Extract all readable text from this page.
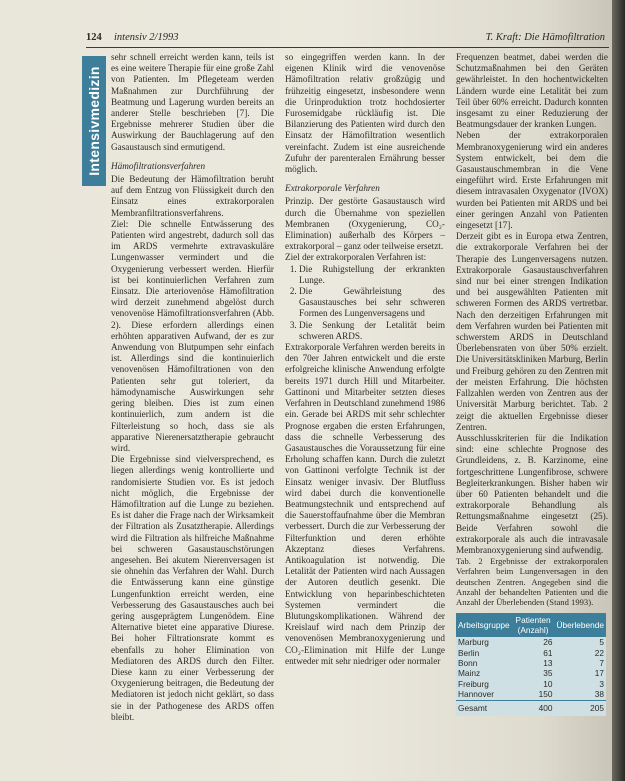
124 intensiv 2/1993	T. Kraft: Die Hämofiltration
Intensivmedizin

sehr schnell erreicht werden kann, teils ist es eine weitere Therapie für eine große Zahl von Patienten. Im Pflegeteam werden Maßnahmen zur Durchführung der Beatmung und Lagerung wurden bereits an anderer Stelle beschrieben [7]. Die Ergebnisse mehrerer Studien über die Auswirkung der Bauchlagerung auf den Gasaustausch sind ermutigend.

Hämofiltrationsverfahren

Die Bedeutung der Hämofiltration beruht auf dem Entzug von Flüssigkeit durch den Einsatz eines extrakorporalen Membranfiltrationsverfahrens.

Ziel: Die schnelle Entwässerung des Patienten wird angestrebt, dadurch soll das im ARDS vermehrte extravaskuläre Lungenwasser vermindert und die Oxygenierung verbessert werden. Hierfür ist bei kontinuierlichen Verfahren zum Einsatz. Die arteriovenöse Hämofiltration wird derzeit zunehmend abgelöst durch venovenöse Hämofiltrationsverfahren (Abb. 2). Diese erfordern allerdings einen erhöhten apparativen Aufwand, der es zur Anwendung von Blutpumpen sehr einfach ist. Allerdings sind die kontinuierlich venovenösen Hämofiltrationen von den Patienten sehr gut toleriert, da hämodynamische Auswirkungen sehr gering bleiben. Dies ist zum einen kontinuierlich, zum andern ist die Filterleistung so hoch, dass sie als apparative Nierenersatztherapie gebraucht wird.

Die Ergebnisse sind vielversprechend, es liegen allerdings wenig kontrollierte und randomisierte Studien vor. Es ist jedoch nicht möglich, die Ergebnisse der Hämofiltration auf die Lunge zu beziehen. Es ist daher die Frage nach der Wirksamkeit der Filtration als Zusatztherapie. Allerdings wird die Filtration als hilfreiche Maßnahme bei schweren Gasaustauschstörungen angesehen. Bei akutem Nierenversagen ist sie ohnehin das Verfahren der Wahl. Durch die Entwässerung kann eine günstige Lungenfunktion erreicht werden, eine Verbesserung des Gasaustausches auch bei gering ausgeprägtem Lungenödem. Eine Alternative bietet eine apparative Diurese. Bei hoher Filtrationsrate kommt es ebenfalls zu hoher Elimination von Mediatoren des ARDS durch den Filter. Diese kann zu einer Verbesserung der Oxygenierung beitragen, die Bedeutung der Mediatoren ist jedoch nicht geklärt, so dass sie in der Pathogenese des ARDS offen bleibt.

so eingegriffen werden kann. In der eigenen Klinik wird die venovenöse Hämofiltration relativ großzügig und frühzeitig eingesetzt, insbesondere wenn die Urinproduktion trotz hochdosierter Furosemidgabe rückläufig ist. Die Bilanzierung des Patienten wird durch den Einsatz der Hämofiltration wesentlich vereinfacht. Zudem ist eine ausreichende Zufuhr der parenteralen Ernährung besser möglich.

Extrakorporale Verfahren

Prinzip. Der gestörte Gasaustausch wird durch die Übernahme von speziellen Membranen (Oxygenierung, CO₂-Elimination) außerhalb des Körpers – extrakorporal – ganz oder teilweise ersetzt.

Ziel der extrakorporalen Verfahren ist:

1. Die Ruhigstellung der erkrankten Lunge.
2. Die Gewährleistung des Gasaustausches bei sehr schweren Formen des Lungenversagens und
3. Die Senkung der Letalität beim schweren ARDS.

Extrakorporale Verfahren werden bereits in den 70er Jahren entwickelt und die erste erfolgreiche klinische Anwendung erfolgte bereits 1971 durch Hill und Mitarbeiter. Gattinoni und Mitarbeiter setzten dieses Verfahren in Deutschland zunehmend 1986 ein. Gerade bei ARDS mit sehr schlechter Prognose ergaben die ersten Erfahrungen, dass die schnelle Verbesserung des Gasaustausches die Voraussetzung für eine Erholung schaffen kann. Durch die zuletzt von Gattinoni verfolgte Technik ist der Einsatz weniger invasiv. Der Blutfluss wird dabei durch die konventionelle Beatmungstechnik und entsprechend auf die Sauerstoffaufnahme über die Membran verbessert. Durch die zur Verbesserung der Filterfunktion und deren erhöhte Akzeptanz dieses Verfahrens. Antikoagulation ist notwendig. Die Letalität der Patienten wird nach Aussagen der Autoren deutlich gesenkt. Die Entwicklung von heparinbeschichteten Systemen vermindert die Blutungskomplikationen. Während der Kreislauf wird nach dem Prinzip der venovenösen Membranoxygenierung und CO₂-Elimination mit Hilfe der Lunge entweder mit sehr niedriger oder normaler

Frequenzen beatmet, dabei werden die Schutzmaßnahmen bei den Geräten gewährleistet. In den hochentwickelten Ländern wurde eine Letalität bei zum Teil über 60% erreicht. Dadurch konnten insgesamt zu einer Reduzierung der Beatmungsdauer der kranken Lungen.

Neben der extrakorporalen Membranoxygenierung wird ein anderes System entwickelt, bei dem die Gasaustauschmembran in die Vene eingeführt wird. Erste Erfahrungen mit diesem intravasalen Oxygenator (IVOX) wurden bei Patienten mit ARDS und bei einer geringen Anzahl von Patienten eingesetzt [17].

Derzeit gibt es in Europa etwa Zentren, die extrakorporale Verfahren bei der Therapie des Lungenversagens nutzen. Extrakorporale Gasaustauschverfahren sind nur bei einer strengen Indikation und bei ausgewählten Patienten mit schweren Formen des ARDS vertretbar. Nach den derzeitigen Erfahrungen mit dem Verfahren wurden bei Patienten mit schwerstem ARDS in Deutschland Überlebensraten von über 50% erzielt. Die Universitätskliniken Marburg, Berlin und Freiburg gehören zu den Zentren mit der meisten Erfahrung. Die höchsten Fallzahlen werden von Zentren aus der Universität Marburg berichtet. Tab. 2 zeigt die aktuellen Ergebnisse dieser Zentren.

Ausschlusskriterien für die Indikation sind: eine schlechte Prognose des Grundleidens, z. B. Karzinome, eine fortgeschrittene Lungenfibrose, schwere Begleiterkrankungen. Bisher haben wir über 60 Patienten behandelt und die extrakorporale Behandlung als Rettungsmaßnahme eingesetzt (25). Beide Verfahren sowohl die extrakorporale als auch die intravasale Membranoxygenierung sind aufwendig.

Tab. 2 Ergebnisse der extrakorporalen Verfahren beim Lungenversagen in den deutschen Zentren. Angegeben sind die Anzahl der behandelten Patienten und die Anzahl der Überlebenden (Stand 1993).

Arbeitsgruppe	Patienten (Anzahl)	Überlebende
Marburg	26	5
Berlin	61	22
Bonn	13	7
Mainz	35	17
Freiburg	10	3
Hannover	150	38
Gesamt	400	205
